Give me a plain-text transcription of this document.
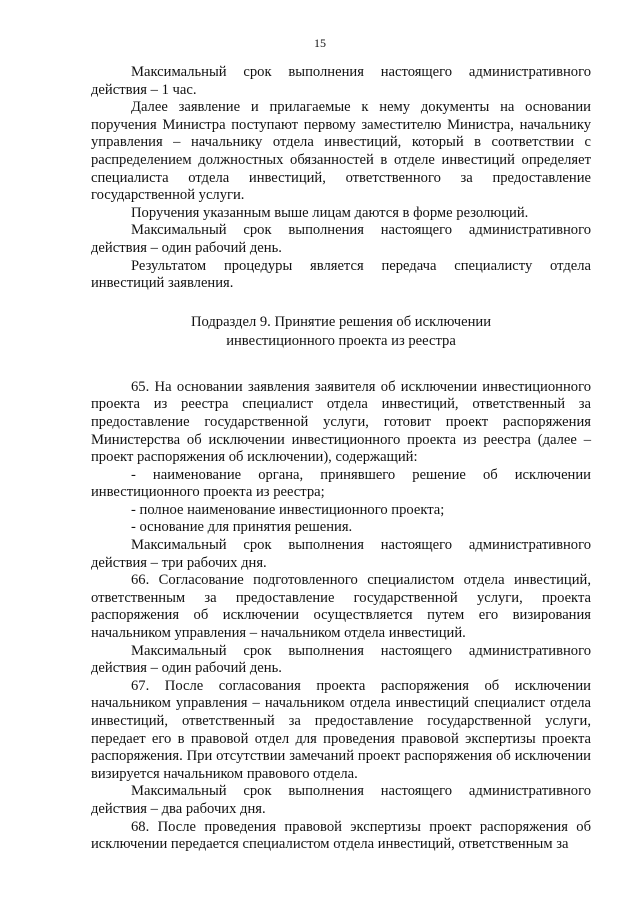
15

Максимальный срок выполнения настоящего административного действия – 1 час.

Далее заявление и прилагаемые к нему документы на основании поручения Министра поступают первому заместителю Министра, начальнику управления – начальнику отдела инвестиций, который в соответствии с распределением должностных обязанностей в отделе инвестиций определяет специалиста отдела инвестиций, ответственного за предоставление государственной услуги.

Поручения указанным выше лицам даются в форме резолюций.

Максимальный срок выполнения настоящего административного действия – один рабочий день.

Результатом процедуры является передача специалисту отдела инвестиций заявления.

Подраздел 9. Принятие решения об исключении
инвестиционного проекта из реестра

65. На основании заявления заявителя об исключении инвестиционного проекта из реестра специалист отдела инвестиций, ответственный за предоставление государственной услуги, готовит проект распоряжения Министерства об исключении инвестиционного проекта из реестра (далее – проект распоряжения об исключении), содержащий:

- наименование органа, принявшего решение об исключении инвестиционного проекта из реестра;

- полное наименование инвестиционного проекта;

- основание для принятия решения.

Максимальный срок выполнения настоящего административного действия – три рабочих дня.

66. Согласование подготовленного специалистом отдела инвестиций, ответственным за предоставление государственной услуги, проекта распоряжения об исключении осуществляется путем его визирования начальником управления – начальником отдела инвестиций.

Максимальный срок выполнения настоящего административного действия – один рабочий день.

67. После согласования проекта распоряжения об исключении начальником управления – начальником отдела инвестиций специалист отдела инвестиций, ответственный за предоставление государственной услуги, передает его в правовой отдел для проведения правовой экспертизы проекта распоряжения. При отсутствии замечаний проект распоряжения об исключении визируется начальником правового отдела.

Максимальный срок выполнения настоящего административного действия – два рабочих дня.

68. После проведения правовой экспертизы проект распоряжения об исключении передается специалистом отдела инвестиций, ответственным за
